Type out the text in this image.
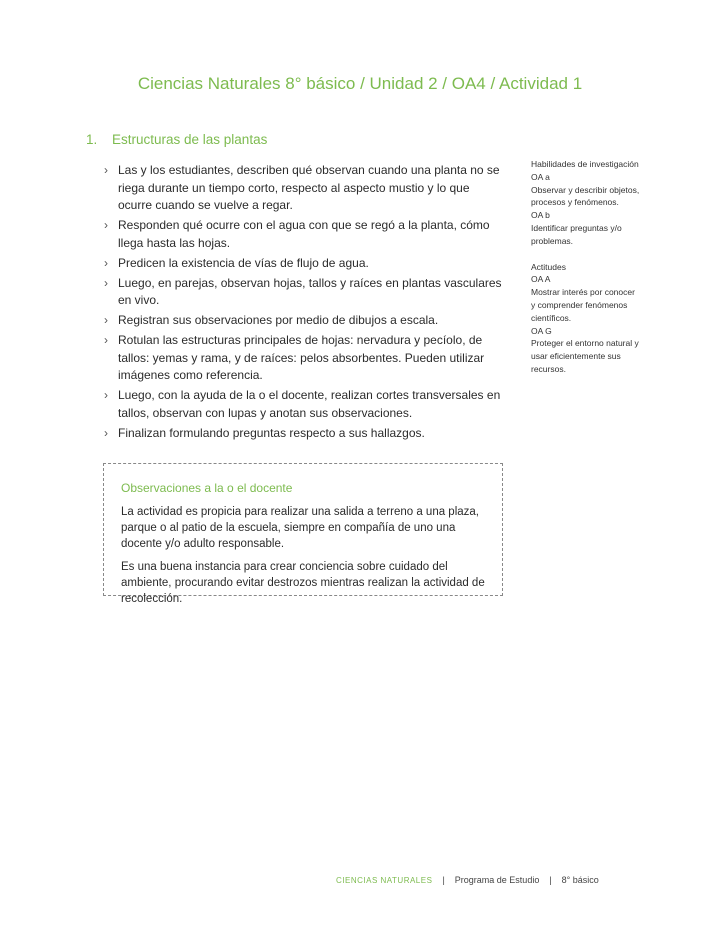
Ciencias Naturales 8° básico / Unidad 2 / OA4 / Actividad 1
1. Estructuras de las plantas
› Las y los estudiantes, describen qué observan cuando una planta no se riega durante un tiempo corto, respecto al aspecto mustio y lo que ocurre cuando se vuelve a regar.
› Responden qué ocurre con el agua con que se regó a la planta, cómo llega hasta las hojas.
› Predicen la existencia de vías de flujo de agua.
› Luego, en parejas, observan hojas, tallos y raíces en plantas vasculares en vivo.
› Registran sus observaciones por medio de dibujos a escala.
› Rotulan las estructuras principales de hojas: nervadura y pecíolo, de tallos: yemas y rama, y de raíces: pelos absorbentes. Pueden utilizar imágenes como referencia.
› Luego, con la ayuda de la o el docente, realizan cortes transversales en tallos, observan con lupas y anotan sus observaciones.
› Finalizan formulando preguntas respecto a sus hallazgos.
Habilidades de investigación
OA a
Observar y describir objetos, procesos y fenómenos.
OA b
Identificar preguntas y/o problemas.
Actitudes
OA A
Mostrar interés por conocer y comprender fenómenos científicos.
OA G
Proteger el entorno natural y usar eficientemente sus recursos.
Observaciones a la o el docente

La actividad es propicia para realizar una salida a terreno a una plaza, parque o al patio de la escuela, siempre en compañía de uno una docente y/o adulto responsable.

Es una buena instancia para crear conciencia sobre cuidado del ambiente, procurando evitar destrozos mientras realizan la actividad de recolección.

CIENCIAS NATURALES | Programa de Estudio | 8° básico
